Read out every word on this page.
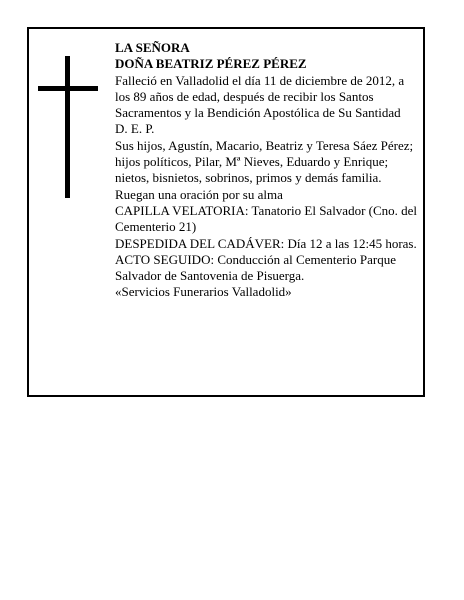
LA SEÑORA

DOÑA BEATRIZ PÉREZ PÉREZ

Falleció en Valladolid el día 11 de diciembre de 2012, a los 89 años de edad, después de recibir los Santos Sacramentos y la Bendición Apostólica de Su Santidad

D. E. P.

Sus hijos, Agustín, Macario, Beatriz y Teresa Sáez Pérez; hijos políticos, Pilar, Mª Nieves, Eduardo y Enrique; nietos, bisnietos, sobrinos, primos y demás familia.

Ruegan una oración por su alma

CAPILLA VELATORIA: Tanatorio El Salvador (Cno. del Cementerio 21)

DESPEDIDA DEL CADÁVER: Día 12 a las 12:45 horas.

ACTO SEGUIDO: Conducción al Cementerio Parque Salvador de Santovenia de Pisuerga.

«Servicios Funerarios Valladolid»
